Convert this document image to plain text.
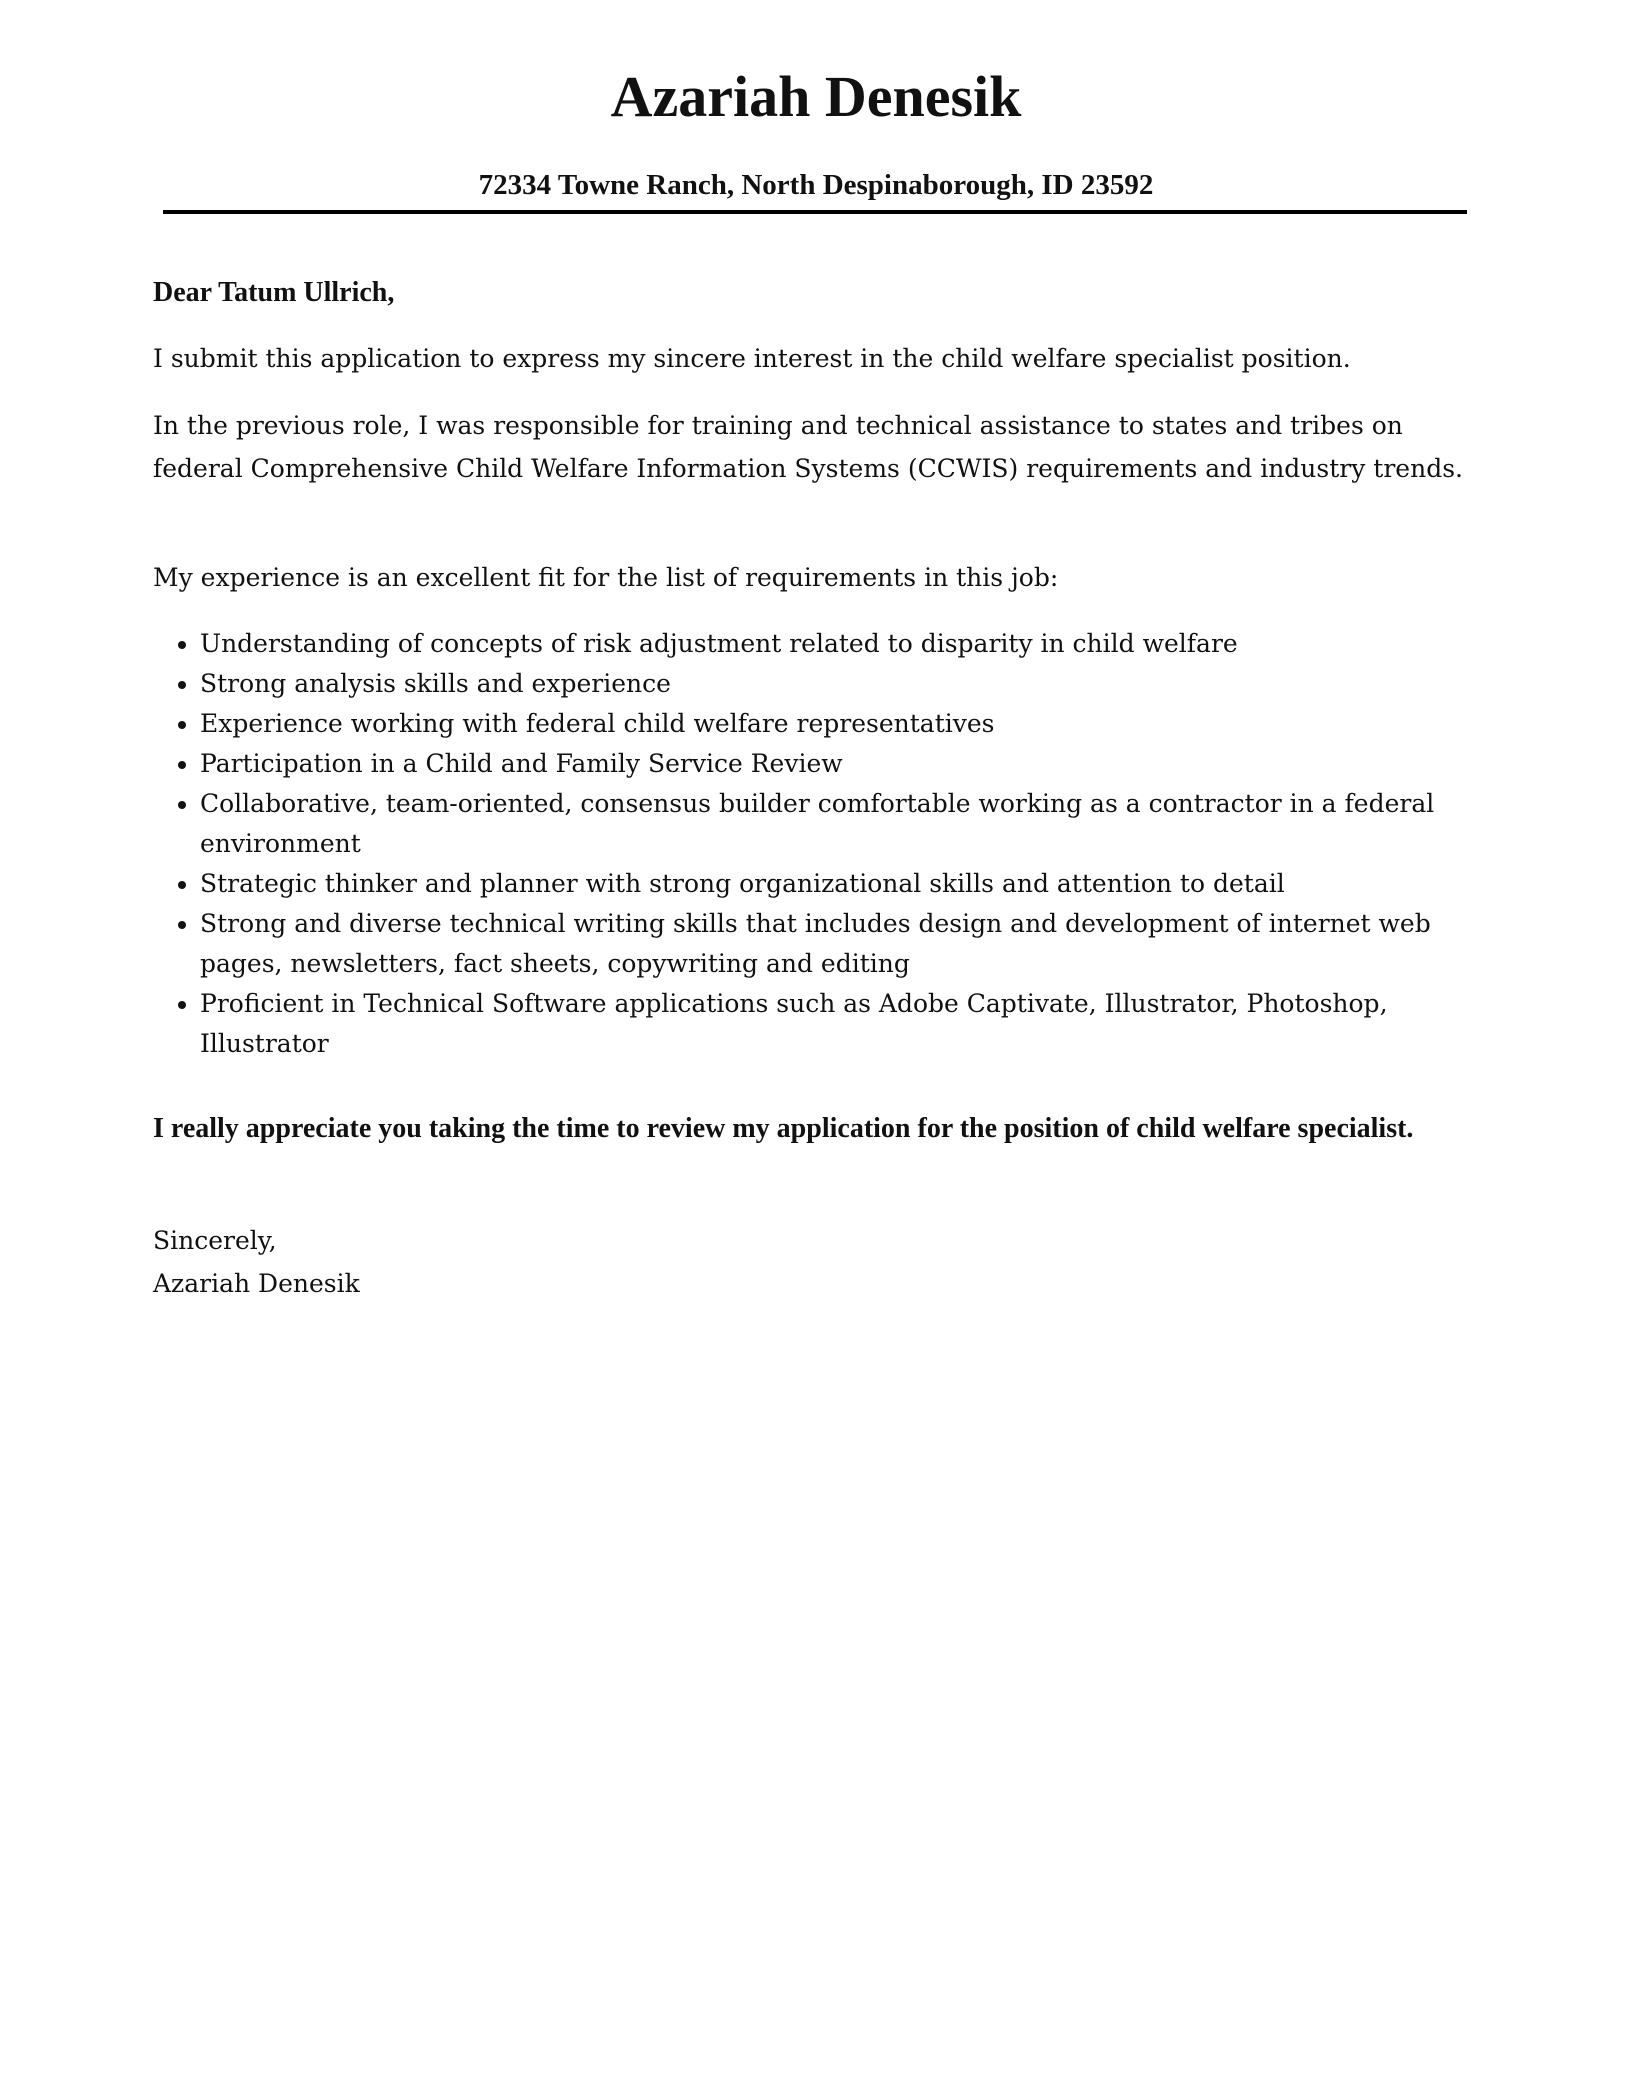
Azariah Denesik
72334 Towne Ranch, North Despinaborough, ID 23592
Dear Tatum Ullrich,
I submit this application to express my sincere interest in the child welfare specialist position.
In the previous role, I was responsible for training and technical assistance to states and tribes on federal Comprehensive Child Welfare Information Systems (CCWIS) requirements and industry trends.
My experience is an excellent fit for the list of requirements in this job:
• Understanding of concepts of risk adjustment related to disparity in child welfare
• Strong analysis skills and experience
• Experience working with federal child welfare representatives
• Participation in a Child and Family Service Review
• Collaborative, team-oriented, consensus builder comfortable working as a contractor in a federal environment
• Strategic thinker and planner with strong organizational skills and attention to detail
• Strong and diverse technical writing skills that includes design and development of internet web pages, newsletters, fact sheets, copywriting and editing
• Proficient in Technical Software applications such as Adobe Captivate, Illustrator, Photoshop, Illustrator
I really appreciate you taking the time to review my application for the position of child welfare specialist.
Sincerely,
Azariah Denesik
